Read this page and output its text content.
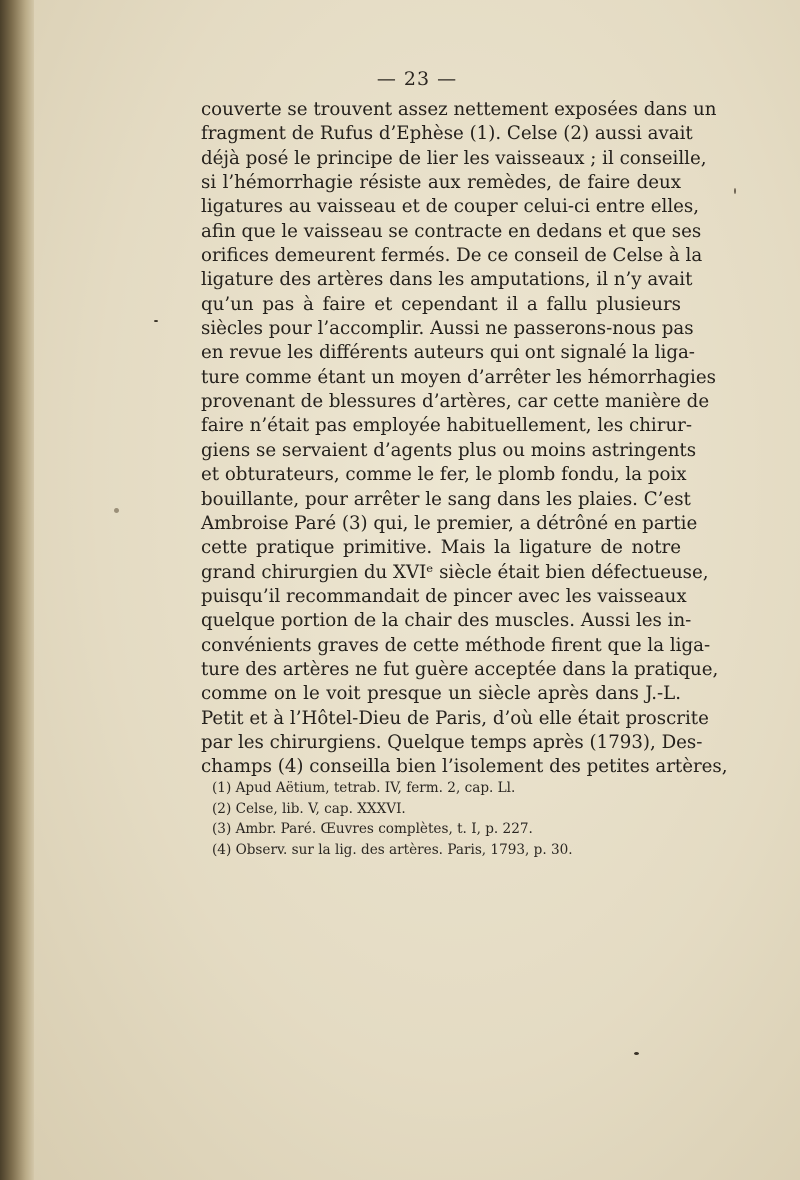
— 23 —
couverte se trouvent assez nettement exposées dans un
fragment de Rufus d’Ephèse (1). Celse (2) aussi avait
déjà posé le principe de lier les vaisseaux ; il conseille,
si l’hémorrhagie résiste aux remèdes, de faire deux
ligatures au vaisseau et de couper celui-ci entre elles,
afin que le vaisseau se contracte en dedans et que ses
orifices demeurent fermés. De ce conseil de Celse à la
ligature des artères dans les amputations, il n’y avait
qu’un pas à faire et cependant il a fallu plusieurs
siècles pour l’accomplir. Aussi ne passerons-nous pas
en revue les différents auteurs qui ont signalé la liga-
ture comme étant un moyen d’arrêter les hémorrhagies
provenant de blessures d’artères, car cette manière de
faire n’était pas employée habituellement, les chirur-
giens se servaient d’agents plus ou moins astringents
et obturateurs, comme le fer, le plomb fondu, la poix
bouillante, pour arrêter le sang dans les plaies. C’est
Ambroise Paré (3) qui, le premier, a détrôné en partie
cette pratique primitive. Mais la ligature de notre
grand chirurgien du XVIᵉ siècle était bien défectueuse,
puisqu’il recommandait de pincer avec les vaisseaux
quelque portion de la chair des muscles. Aussi les in-
convénients graves de cette méthode firent que la liga-
ture des artères ne fut guère acceptée dans la pratique,
comme on le voit presque un siècle après dans J.-L.
Petit et à l’Hôtel-Dieu de Paris, d’où elle était proscrite
par les chirurgiens. Quelque temps après (1793), Des-
champs (4) conseilla bien l’isolement des petites artères,
(1) Apud Aëtium, tetrab. IV, ferm. 2, cap. Ll.
(2) Celse, lib. V, cap. XXXVI.
(3) Ambr. Paré. Œuvres complètes, t. I, p. 227.
(4) Observ. sur la lig. des artères. Paris, 1793, p. 30.
